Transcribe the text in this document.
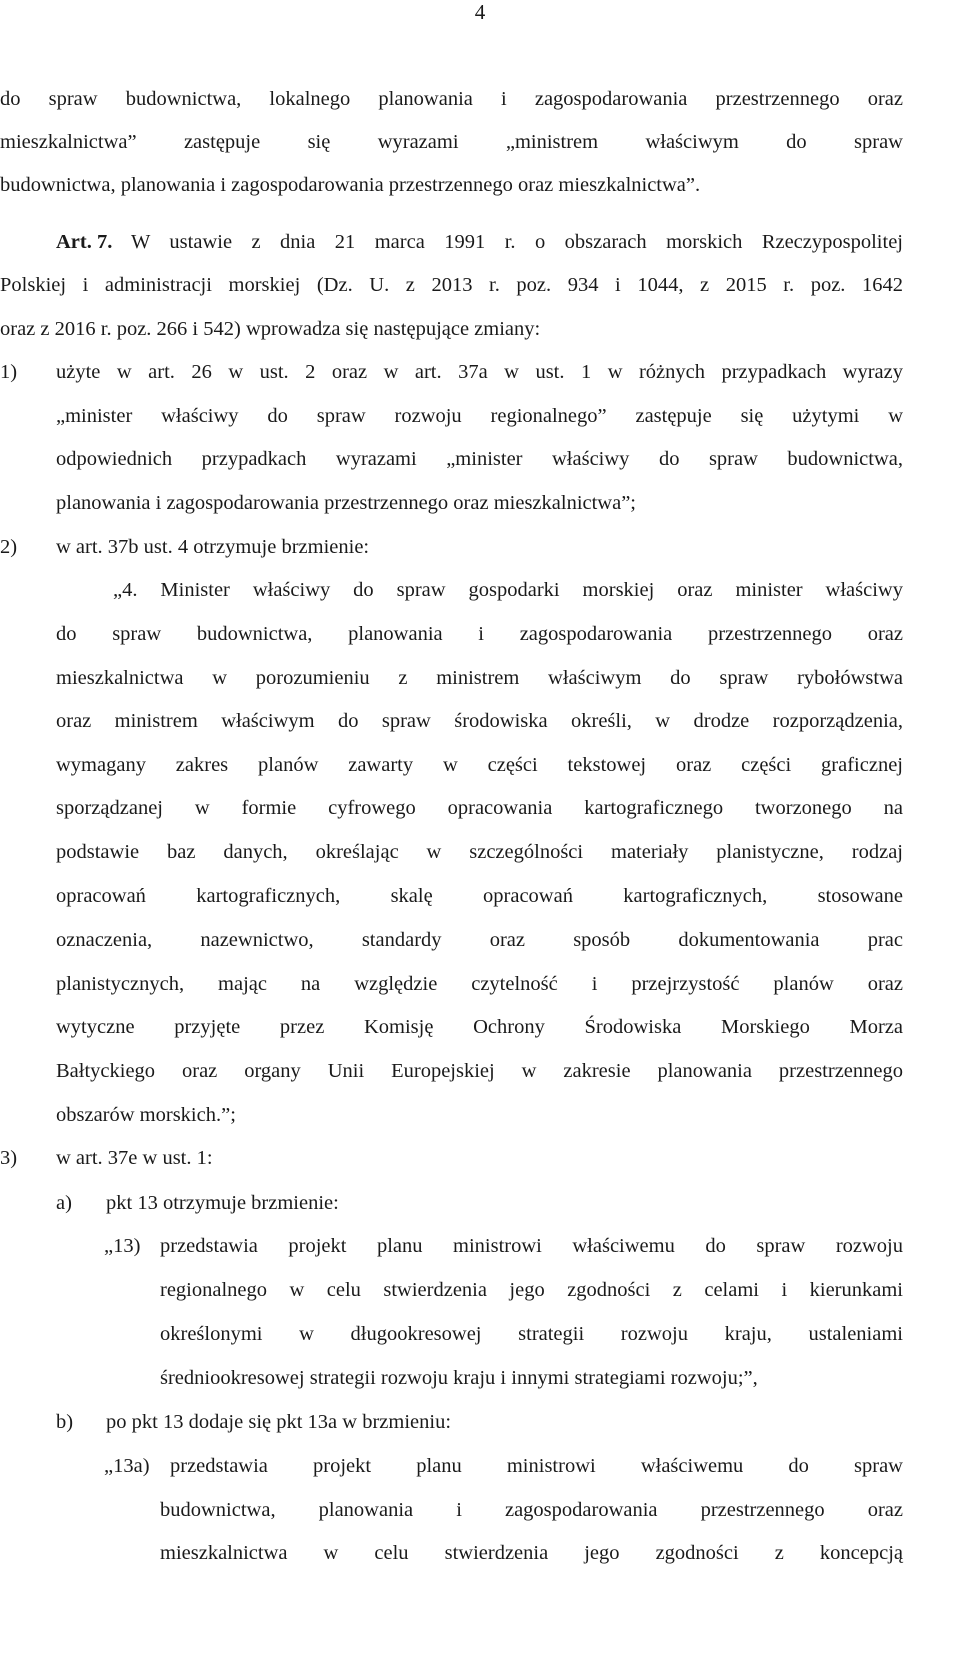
4
do spraw budownictwa, lokalnego planowania i zagospodarowania przestrzennego oraz
mieszkalnictwa” zastępuje się wyrazami „ministrem właściwym do spraw
budownictwa, planowania i zagospodarowania przestrzennego oraz mieszkalnictwa”.
Art. 7. W ustawie z dnia 21 marca 1991 r. o obszarach morskich Rzeczypospolitej
Polskiej i administracji morskiej (Dz. U. z 2013 r. poz. 934 i 1044, z 2015 r. poz. 1642
oraz z 2016 r. poz. 266 i 542) wprowadza się następujące zmiany:
1) użyte w art. 26 w ust. 2 oraz w art. 37a w ust. 1 w różnych przypadkach wyrazy
„minister właściwy do spraw rozwoju regionalnego” zastępuje się użytymi w
odpowiednich przypadkach wyrazami „minister właściwy do spraw budownictwa,
planowania i zagospodarowania przestrzennego oraz mieszkalnictwa”;
2) w art. 37b ust. 4 otrzymuje brzmienie:
„4. Minister właściwy do spraw gospodarki morskiej oraz minister właściwy
do spraw budownictwa, planowania i zagospodarowania przestrzennego oraz
mieszkalnictwa w porozumieniu z ministrem właściwym do spraw rybołówstwa
oraz ministrem właściwym do spraw środowiska określi, w drodze rozporządzenia,
wymagany zakres planów zawarty w części tekstowej oraz części graficznej
sporządzanej w formie cyfrowego opracowania kartograficznego tworzonego na
podstawie baz danych, określając w szczególności materiały planistyczne, rodzaj
opracowań kartograficznych, skalę opracowań kartograficznych, stosowane
oznaczenia, nazewnictwo, standardy oraz sposób dokumentowania prac
planistycznych, mając na względzie czytelność i przejrzystość planów oraz
wytyczne przyjęte przez Komisję Ochrony Środowiska Morskiego Morza
Bałtyckiego oraz organy Unii Europejskiej w zakresie planowania przestrzennego
obszarów morskich.”;
3) w art. 37e w ust. 1:
a) pkt 13 otrzymuje brzmienie:
„13) przedstawia projekt planu ministrowi właściwemu do spraw rozwoju
regionalnego w celu stwierdzenia jego zgodności z celami i kierunkami
określonymi w długookresowej strategii rozwoju kraju, ustaleniami
średniookresowej strategii rozwoju kraju i innymi strategiami rozwoju;”,
b) po pkt 13 dodaje się pkt 13a w brzmieniu:
„13a) przedstawia projekt planu ministrowi właściwemu do spraw
budownictwa, planowania i zagospodarowania przestrzennego oraz
mieszkalnictwa w celu stwierdzenia jego zgodności z koncepcją
